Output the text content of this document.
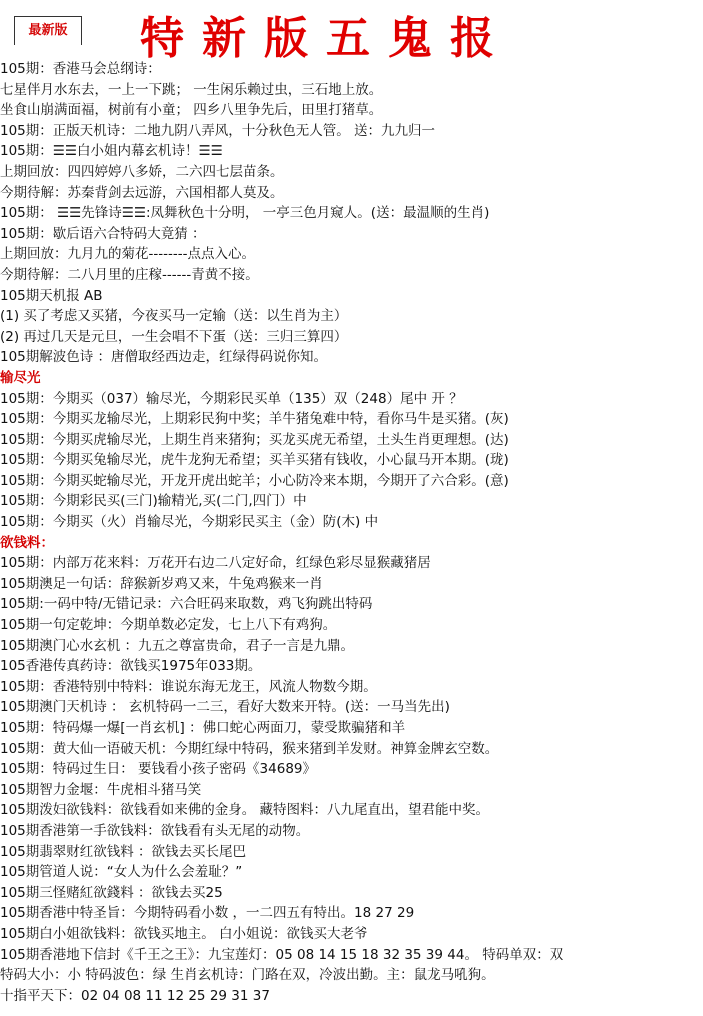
最新版	特新版五鬼报
105期：香港马会总纲诗：
七星伴月水东去，一上一下跳； 一生闲乐赖过虫，三石地上放。
坐食山崩满面福，树前有小童； 四乡八里争先后，田里打猪草。
105期：正版天机诗：二地九阴八弄风，十分秋色无人管。 送：九九归一
105期：☰☰白小姐内幕玄机诗！☰☰
上期回放：四四婷婷八多娇，二六四七层苗条。
今期待解：苏秦背剑去远游，六国相都人莫及。
105期： ☰☰先锋诗☰☰:凤舞秋色十分明， 一亭三色月窥人。(送：最温顺的生肖)
105期：歇后语六合特码大竟猜 ：
上期回放：九月九的菊花--------点点入心。
今期待解：二八月里的庄稼------青黄不接。
105期天机报 AB
(1) 买了考虑又买猪，今夜买马一定输（送：以生肖为主）
(2) 再过几天是元旦，一生会唱不下蛋（送：三归三算四）
105期解波色诗 ：唐僧取经西边走，红绿得码说你知。
输尽光
105期：今期买（037）输尽光，今期彩民买单（135）双（248）尾中 开 ？
105期：今期买龙输尽光，上期彩民狗中奖；羊牛猪兔难中特，看你马牛是买猪。(灰)
105期：今期买虎输尽光，上期生肖来猪狗；买龙买虎无希望，土头生肖更理想。(达)
105期：今期买兔输尽光，虎牛龙狗无希望；买羊买猪有钱收，小心鼠马开本期。(珑)
105期：今期买蛇输尽光，开龙开虎出蛇羊；小心防冷来本期，今期开了六合彩。(意)
105期：今期彩民买(三门)输精光,买(二门,四门）中
105期：今期买（火）肖输尽光，今期彩民买主（金）防(木) 中
欲钱料：
105期：内部万花来料：万花开右边二八定好命，红绿色彩尽显猴藏猪居
105期澳足一句话：辞猴新岁鸡又来，牛兔鸡猴来一肖
105期:一码中特/无错记录：六合旺码来取数，鸡飞狗跳出特码
105期一句定乾坤：今期单数必定发，七上八下有鸡狗。
105期澳门心水玄机 ：九五之尊富贵命，君子一言是九鼎。
105香港传真药诗：欲钱买1975年033期。
105期：香港特别中特料：谁说东海无龙王，风流人物数今期。
105期澳门天机诗 ： 玄机特码一二三，看好大数来开特。(送：一马当先出)
105期：特码爆一爆[一肖玄机] ：佛口蛇心两面刀，蒙受欺骗猪和羊
105期：黄大仙一语破天机：今期红绿中特码，猴来猪到羊发财。神算金牌玄空数。
105期：特码过生日： 要钱看小孩子密码《34689》
105期智力金堰：牛虎相斗猪马笑
105期泼妇欲钱料：欲钱看如来佛的金身。 藏特图料：八九尾直出，望君能中奖。
105期香港第一手欲钱料：欲钱看有头无尾的动物。
105期翡翠财红欲钱料 ：欲钱去买长尾巴
105期管道人说：“女人为什么会羞耻？”
105期三怪赌紅欲錢料 ：欲钱去买25
105期香港中特圣旨：今期特码看小数 ，一二四五有特出。18 27 29
105期白小姐欲钱料：欲钱买地主。 白小姐说：欲钱买大老爷
105期香港地下信封《千王之王》：九宝莲灯：05 08 14 15 18 32 35 39 44。 特码单双：双
特码大小：小 特码波色：绿 生肖玄机诗：门路在双，冷波出勤。主：鼠龙马吼狗。
十指平天下：02 04 08 11 12 25 29 31 37
